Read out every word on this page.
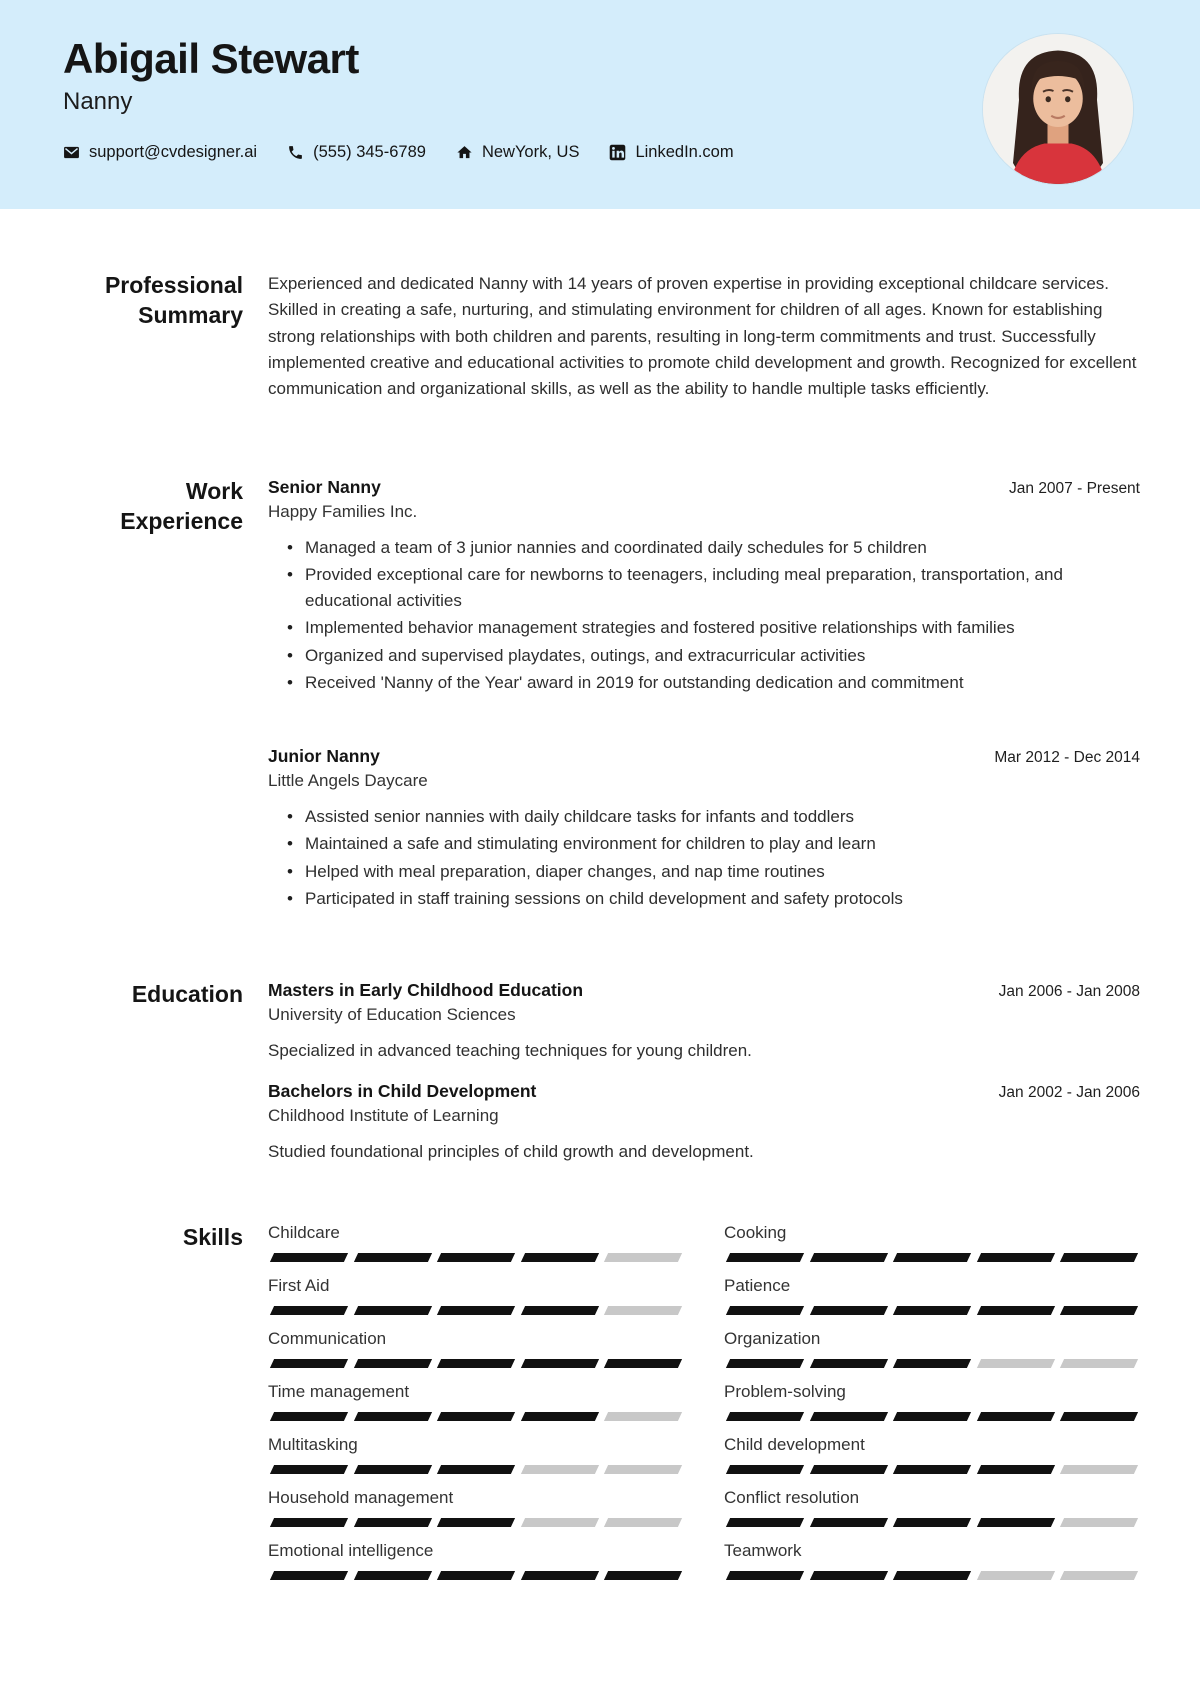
Abigail Stewart
Nanny
support@cvdesigner.ai	(555) 345-6789	NewYork, US	LinkedIn.com
Professional Summary
Experienced and dedicated Nanny with 14 years of proven expertise in providing exceptional childcare services. Skilled in creating a safe, nurturing, and stimulating environment for children of all ages. Known for establishing strong relationships with both children and parents, resulting in long-term commitments and trust. Successfully implemented creative and educational activities to promote child development and growth. Recognized for excellent communication and organizational skills, as well as the ability to handle multiple tasks efficiently.
Work Experience
Senior Nanny	Jan 2007 - Present
Happy Families Inc.
• Managed a team of 3 junior nannies and coordinated daily schedules for 5 children
• Provided exceptional care for newborns to teenagers, including meal preparation, transportation, and educational activities
• Implemented behavior management strategies and fostered positive relationships with families
• Organized and supervised playdates, outings, and extracurricular activities
• Received 'Nanny of the Year' award in 2019 for outstanding dedication and commitment
Junior Nanny	Mar 2012 - Dec 2014
Little Angels Daycare
• Assisted senior nannies with daily childcare tasks for infants and toddlers
• Maintained a safe and stimulating environment for children to play and learn
• Helped with meal preparation, diaper changes, and nap time routines
• Participated in staff training sessions on child development and safety protocols
Education Masters in Early Childhood Education	Jan 2006 - Jan 2008
University of Education Sciences
Specialized in advanced teaching techniques for young children.
Bachelors in Child Development	Jan 2002 - Jan 2006
Childhood Institute of Learning
Studied foundational principles of child growth and development.
Skills Childcare
First Aid
Communication
Time management
Multitasking
Household management
Emotional intelligence
Cooking
Patience
Organization
Problem-solving
Child development
Conflict resolution
Teamwork
